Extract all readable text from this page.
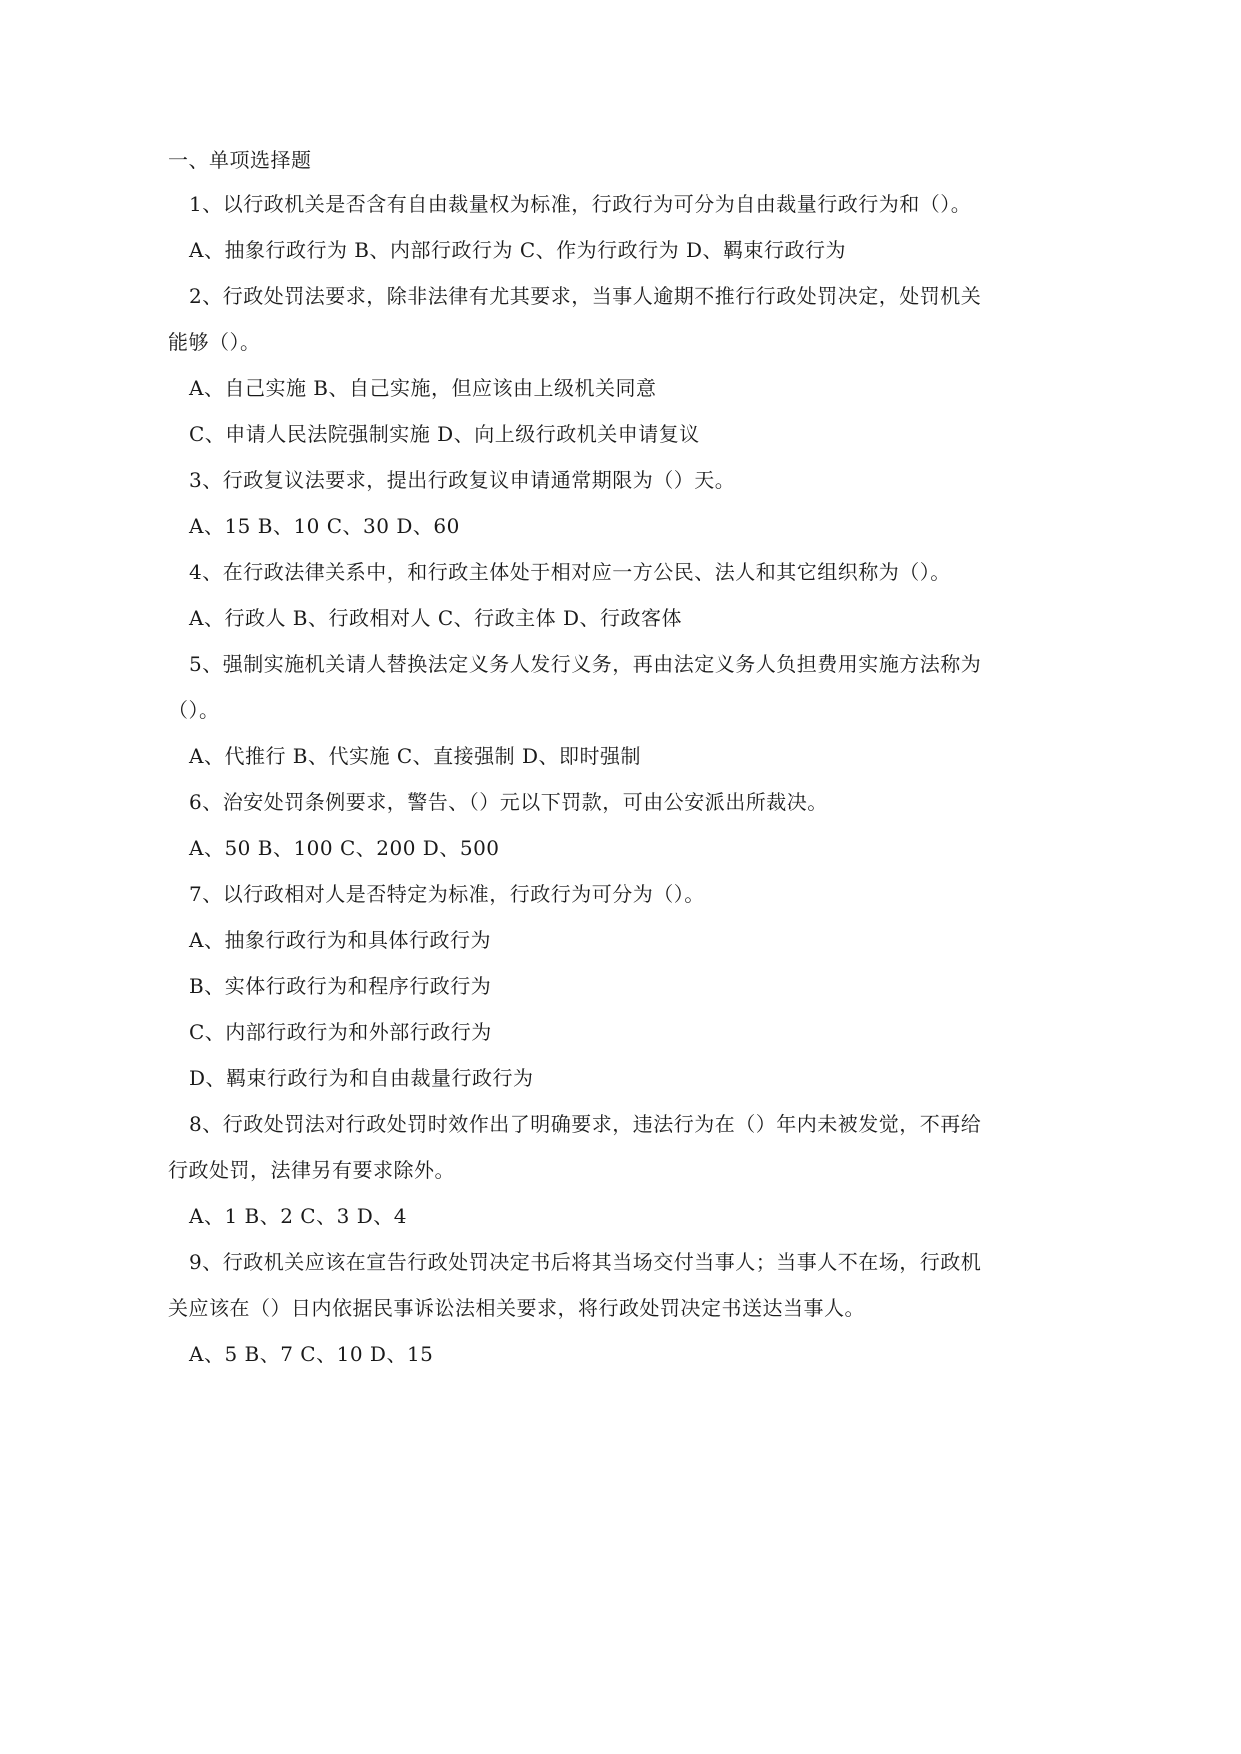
一、单项选择题
1、以行政机关是否含有自由裁量权为标准，行政行为可分为自由裁量行政行为和（）。
A、抽象行政行为 B、内部行政行为 C、作为行政行为 D、羁束行政行为
2、行政处罚法要求，除非法律有尤其要求，当事人逾期不推行行政处罚决定，处罚机关
能够（）。
A、自己实施 B、自己实施，但应该由上级机关同意
C、申请人民法院强制实施 D、向上级行政机关申请复议
3、行政复议法要求，提出行政复议申请通常期限为（）天。
A、15 B、10 C、30 D、60
4、在行政法律关系中，和行政主体处于相对应一方公民、法人和其它组织称为（）。
A、行政人 B、行政相对人 C、行政主体 D、行政客体
5、强制实施机关请人替换法定义务人发行义务，再由法定义务人负担费用实施方法称为
（）。
A、代推行 B、代实施 C、直接强制 D、即时强制
6、治安处罚条例要求，警告、（）元以下罚款，可由公安派出所裁决。
A、50 B、100 C、200 D、500
7、以行政相对人是否特定为标准，行政行为可分为（）。
A、抽象行政行为和具体行政行为
B、实体行政行为和程序行政行为
C、内部行政行为和外部行政行为
D、羁束行政行为和自由裁量行政行为
8、行政处罚法对行政处罚时效作出了明确要求，违法行为在（）年内未被发觉，不再给
行政处罚，法律另有要求除外。
A、1 B、2 C、3 D、4
9、行政机关应该在宣告行政处罚决定书后将其当场交付当事人；当事人不在场，行政机
关应该在（）日内依据民事诉讼法相关要求，将行政处罚决定书送达当事人。
A、5 B、7 C、10 D、15
